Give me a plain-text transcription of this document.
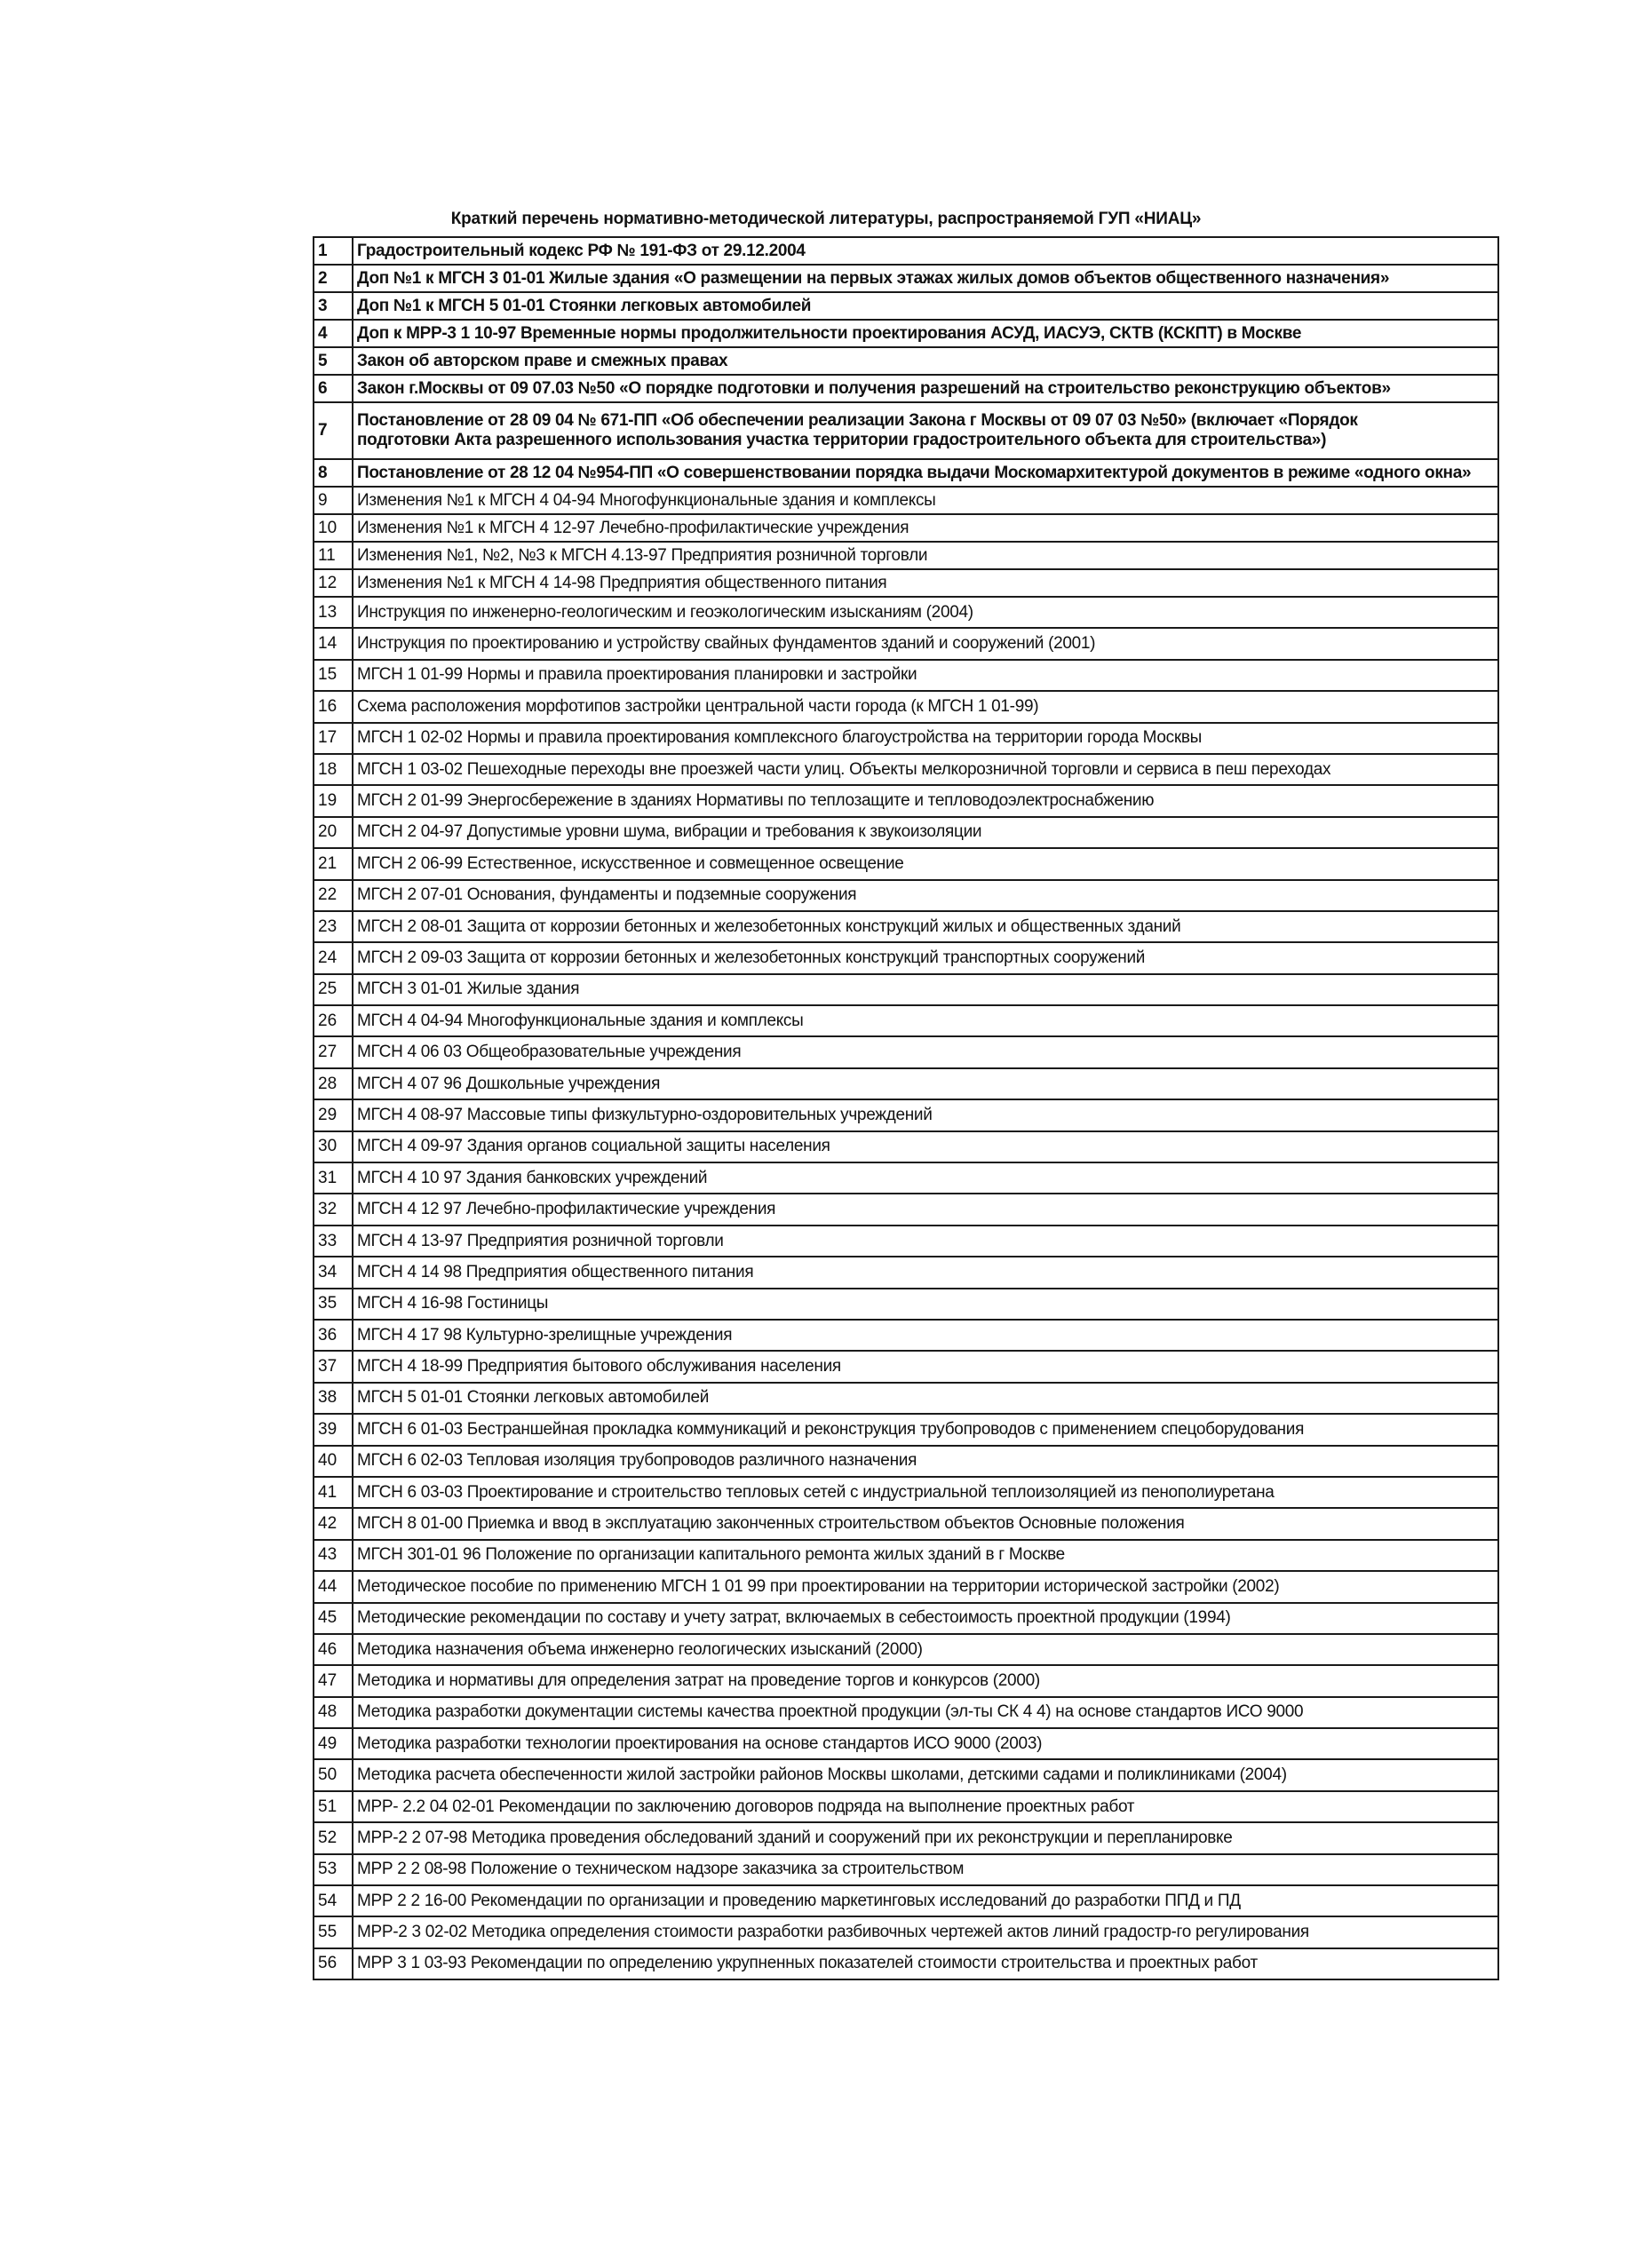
Краткий перечень нормативно-методической литературы, распространяемой ГУП «НИАЦ»
1	Градостроительный кодекс РФ № 191-ФЗ от 29.12.2004
2	Доп №1 к МГСН 3 01-01 Жилые здания «О размещении на первых этажах жилых домов объектов общественного назначения»
3	Доп №1 к МГСН 5 01-01 Стоянки легковых автомобилей
4	Доп к МРР-3 1 10-97 Временные нормы продолжительности проектирования АСУД, ИАСУЭ, СКТВ (КСКПТ) в Москве
5	Закон об авторском праве и смежных правах
6	Закон г.Москвы от 09 07.03 №50 «О порядке подготовки и получения разрешений на строительство реконструкцию объектов»
7	Постановление от 28 09 04 № 671-ПП «Об обеспечении реализации Закона г Москвы от 09 07 03 №50» (включает «Порядок
подготовки Акта разрешенного использования участка территории градостроительного объекта для строительства»)

8	Постановление от 28 12 04 №954-ПП «О совершенствовании порядка выдачи Москомархитектурой документов в режиме «одного окна»
9	Изменения №1 к МГСН 4 04-94 Многофункциональные здания и комплексы
10	Изменения №1 к МГСН 4 12-97 Лечебно-профилактические учреждения
11	Изменения №1, №2, №3 к МГСН 4.13-97 Предприятия розничной торговли
12	Изменения №1 к МГСН 4 14-98 Предприятия общественного питания
13	Инструкция по инженерно-геологическим и геоэкологическим изысканиям (2004)
14	Инструкция по проектированию и устройству свайных фундаментов зданий и сооружений (2001)
15	МГСН 1 01-99 Нормы и правила проектирования планировки и застройки
16	Схема расположения морфотипов застройки центральной части города (к МГСН 1 01-99)
17	МГСН 1 02-02 Нормы и правила проектирования комплексного благоустройства на территории города Москвы
18	МГСН 1 03-02 Пешеходные переходы вне проезжей части улиц. Объекты мелкорозничной торговли и сервиса в пеш переходах
19	МГСН 2 01-99 Энергосбережение в зданиях Нормативы по теплозащите и тепловодоэлектроснабжению
20	МГСН 2 04-97 Допустимые уровни шума, вибрации и требования к звукоизоляции
21	МГСН 2 06-99 Естественное, искусственное и совмещенное освещение
22	МГСН 2 07-01 Основания, фундаменты и подземные сооружения
23	МГСН 2 08-01 Защита от коррозии бетонных и железобетонных конструкций жилых и общественных зданий
24	МГСН 2 09-03 Защита от коррозии бетонных и железобетонных конструкций транспортных сооружений
25	МГСН 3 01-01 Жилые здания
26	МГСН 4 04-94 Многофункциональные здания и комплексы
27	МГСН 4 06 03 Общеобразовательные учреждения
28	МГСН 4 07 96 Дошкольные учреждения
29	МГСН 4 08-97 Массовые типы физкультурно-оздоровительных учреждений
30	МГСН 4 09-97 Здания органов социальной защиты населения
31	МГСН 4 10 97 Здания банковских учреждений
32	МГСН 4 12 97 Лечебно-профилактические учреждения
33	МГСН 4 13-97 Предприятия розничной торговли
34	МГСН 4 14 98 Предприятия общественного питания
35	МГСН 4 16-98 Гостиницы
36	МГСН 4 17 98 Культурно-зрелищные учреждения
37	МГСН 4 18-99 Предприятия бытового обслуживания населения
38	МГСН 5 01-01 Стоянки легковых автомобилей
39	МГСН 6 01-03 Бестраншейная прокладка коммуникаций и реконструкция трубопроводов с применением спецоборудования
40	МГСН 6 02-03 Тепловая изоляция трубопроводов различного назначения
41	МГСН 6 03-03 Проектирование и строительство тепловых сетей с индустриальной теплоизоляцией из пенополиуретана
42	МГСН 8 01-00 Приемка и ввод в эксплуатацию законченных строительством объектов Основные положения
43	МГСН 301-01 96 Положение по организации капитального ремонта жилых зданий в г Москве
44	Методическое пособие по применению МГСН 1 01 99 при проектировании на территории исторической застройки (2002)
45	Методические рекомендации по составу и учету затрат, включаемых в себестоимость проектной продукции (1994)
46	Методика назначения объема инженерно геологических изысканий (2000)
47	Методика и нормативы для определения затрат на проведение торгов и конкурсов (2000)
48	Методика разработки документации системы качества проектной продукции (эл-ты СК 4 4) на основе стандартов ИСО 9000
49	Методика разработки технологии проектирования на основе стандартов ИСО 9000 (2003)
50	Методика расчета обеспеченности жилой застройки районов Москвы школами, детскими садами и поликлиниками (2004)
51	МРР- 2.2 04 02-01 Рекомендации по заключению договоров подряда на выполнение проектных работ
52	МРР-2 2 07-98 Методика проведения обследований зданий и сооружений при их реконструкции и перепланировке
53	МРР 2 2 08-98 Положение о техническом надзоре заказчика за строительством
54	МРР 2 2 16-00 Рекомендации по организации и проведению маркетинговых исследований до разработки ППД и ПД
55	МРР-2 3 02-02 Методика определения стоимости разработки разбивочных чертежей актов линий градостр-го регулирования
56	МРР 3 1 03-93 Рекомендации по определению укрупненных показателей стоимости строительства и проектных работ
